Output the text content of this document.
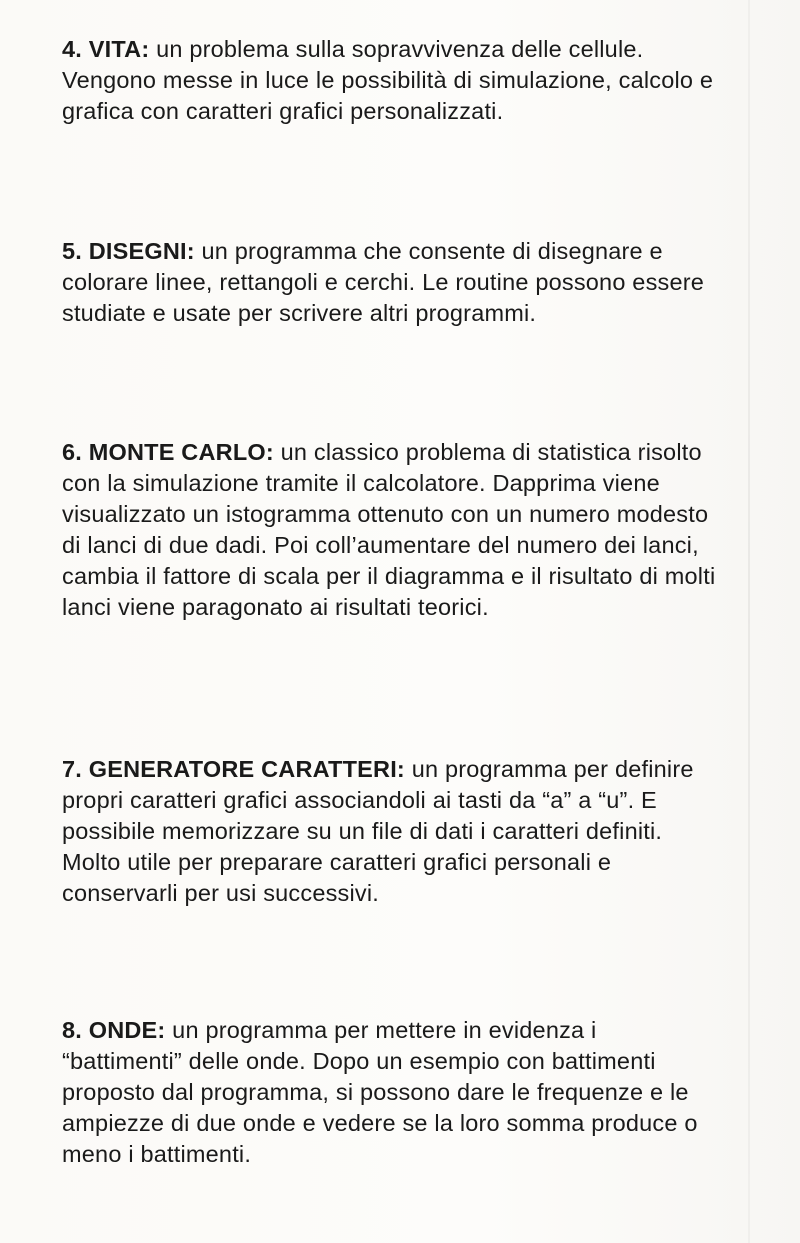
4. VITA: un problema sulla sopravvivenza delle cellule. Vengono messe in luce le possibilità di simulazione, calcolo e grafica con caratteri grafici personalizzati.

5. DISEGNI: un programma che consente di disegnare e colorare linee, rettangoli e cerchi. Le routine possono essere studiate e usate per scrivere altri programmi.

6. MONTE CARLO: un classico problema di statistica risolto con la simulazione tramite il calcolatore. Dapprima viene visualizzato un istogramma ottenuto con un numero modesto di lanci di due dadi. Poi coll’aumentare del numero dei lanci, cambia il fattore di scala per il diagramma e il risultato di molti lanci viene paragonato ai risultati teorici.

7. GENERATORE CARATTERI: un programma per definire propri caratteri grafici associandoli ai tasti da “a” a “u”. E possibile memorizzare su un file di dati i caratteri definiti. Molto utile per preparare caratteri grafici personali e conservarli per usi successivi.

8. ONDE: un programma per mettere in evidenza i “battimenti” delle onde. Dopo un esempio con battimenti proposto dal programma, si possono dare le frequenze e le ampiezze di due onde e vedere se la loro somma produce o meno i battimenti.
